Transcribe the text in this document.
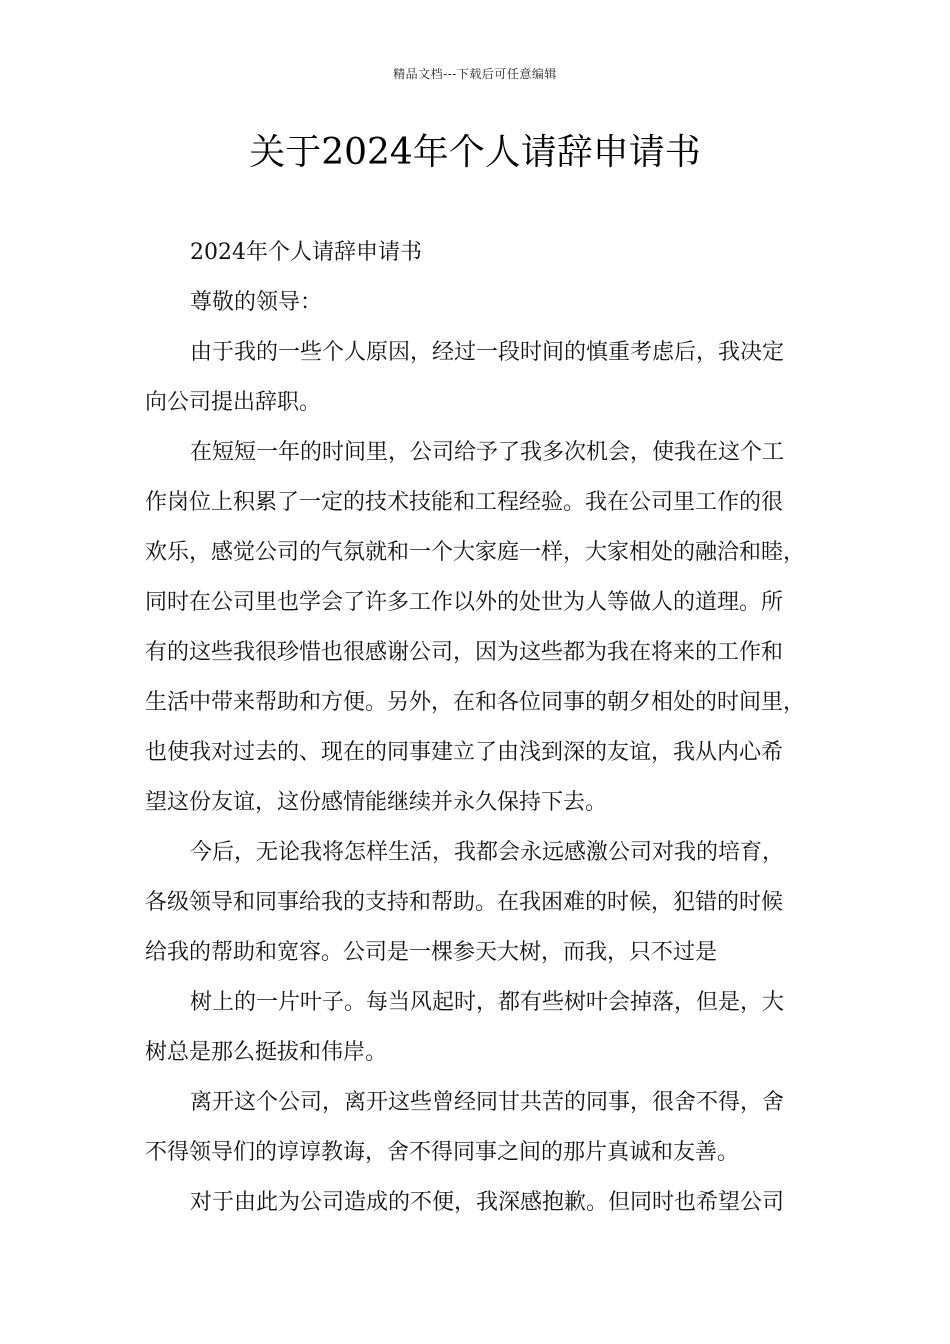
精品文档---下载后可任意编辑
关于2024年个人请辞申请书
2024年个人请辞申请书
尊敬的领导：
由于我的一些个人原因，经过一段时间的慎重考虑后，我决定
向公司提出辞职。
在短短一年的时间里，公司给予了我多次机会，使我在这个工
作岗位上积累了一定的技术技能和工程经验。我在公司里工作的很
欢乐，感觉公司的气氛就和一个大家庭一样，大家相处的融洽和睦，
同时在公司里也学会了许多工作以外的处世为人等做人的道理。所
有的这些我很珍惜也很感谢公司，因为这些都为我在将来的工作和
生活中带来帮助和方便。另外，在和各位同事的朝夕相处的时间里，
也使我对过去的、现在的同事建立了由浅到深的友谊，我从内心希
望这份友谊，这份感情能继续并永久保持下去。
今后，无论我将怎样生活，我都会永远感激公司对我的培育，
各级领导和同事给我的支持和帮助。在我困难的时候，犯错的时候
给我的帮助和宽容。公司是一棵参天大树，而我，只不过是
树上的一片叶子。每当风起时，都有些树叶会掉落，但是，大
树总是那么挺拔和伟岸。
离开这个公司，离开这些曾经同甘共苦的同事，很舍不得，舍
不得领导们的谆谆教诲，舍不得同事之间的那片真诚和友善。
对于由此为公司造成的不便，我深感抱歉。但同时也希望公司
